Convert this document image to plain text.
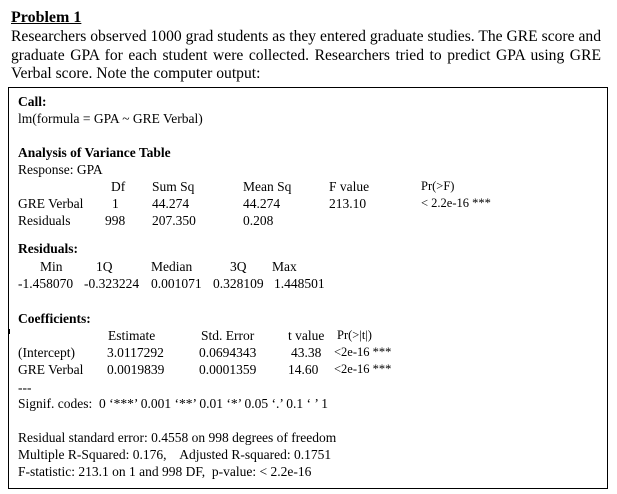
Problem 1
Researchers observed 1000 grad students as they entered graduate studies. The GRE score and graduate GPA for each student were collected. Researchers tried to predict GPA using GRE Verbal score. Note the computer output:
Call:
lm(formula = GPA ~ GRE Verbal)
Analysis of Variance Table
Response: GPA
Df Sum Sq	Mean Sq	F value	Pr(>F)
GRE Verbal 1 44.274	44.274	213.10	< 2.2e-16 ***
Residuals	998 207.350	0.208
Residuals:
Min 1Q	Median	3Q Max
-1.458070 -0.323224 0.001071 0.328109 1.448501
Coefficients:
Estimate	Std. Error	t value Pr(>|t|)
(Intercept) 3.0117292	0.0694343	43.38 <2e-16 ***
GRE Verbal 0.0019839	0.0001359 14.60 <2e-16 ***
---
Signif. codes:  0 ‘***’ 0.001 ‘**’ 0.01 ‘*’ 0.05 ‘.’ 0.1 ‘ ’ 1
Residual standard error: 0.4558 on 998 degrees of freedom
Multiple R-Squared: 0.176,    Adjusted R-squared: 0.1751
F-statistic: 213.1 on 1 and 998 DF,  p-value: < 2.2e-16
